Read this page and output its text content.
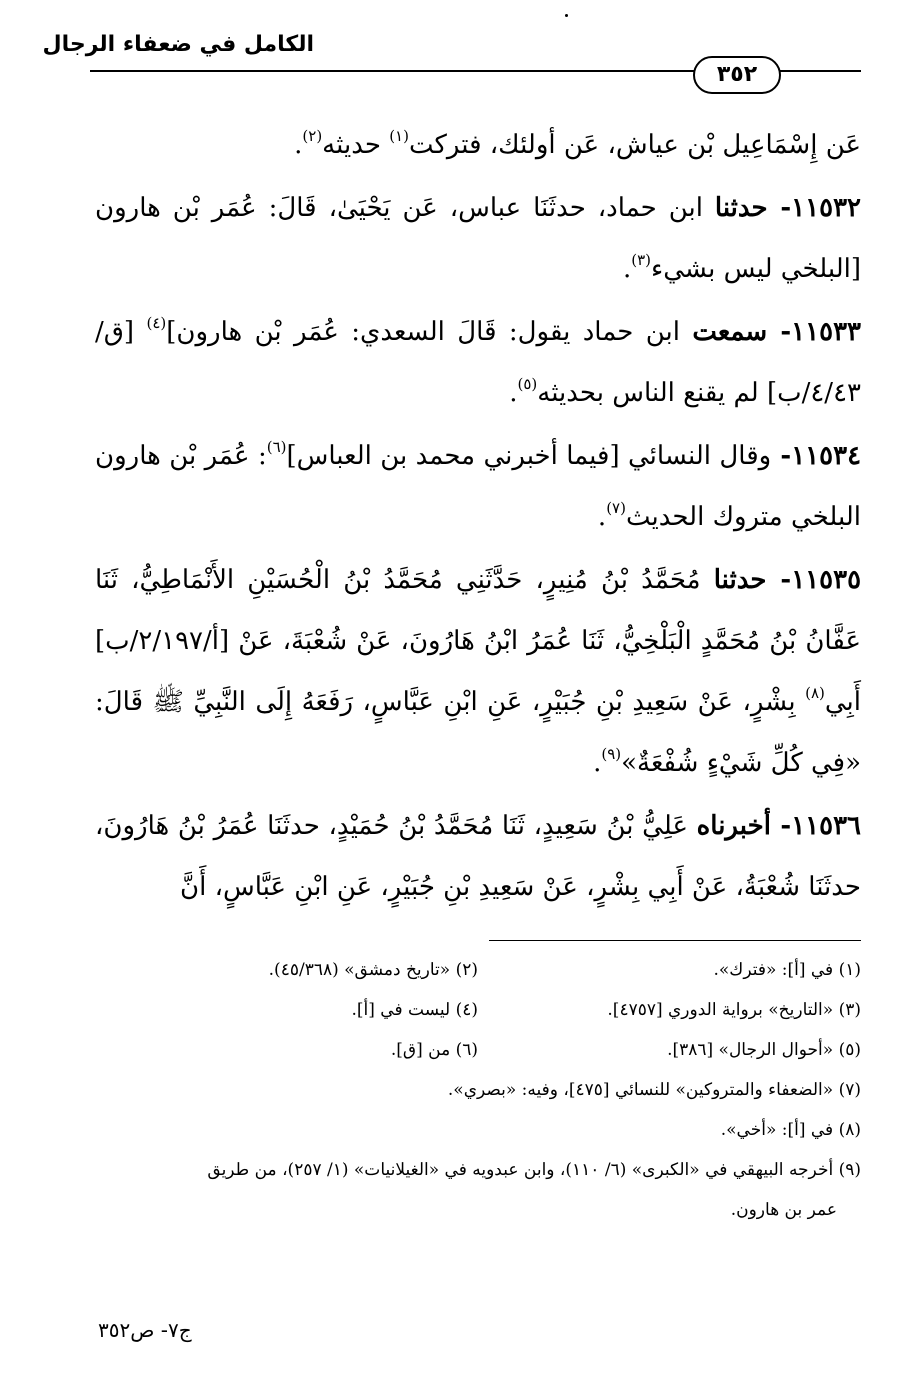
الكامل في ضعفاء الرجال
٣٥٢

عَن إِسْمَاعِيل بْن عياش، عَن أولئك، فتركت$^{(١)}$ حديثه$^{(٢)}$.

١١٥٣٢- حدثنا ابن حماد، حدثَنَا عباس، عَن يَحْيَىٰ، قَالَ: عُمَر بْن هارون [البلخي ليس بشيء$^{(٣)}$.

١١٥٣٣- سمعت ابن حماد يقول: قَالَ السعدي: عُمَر بْن هارون]$^{(٤)}$ [ق/٤/٤٣/ب] لم يقنع الناس بحديثه$^{(٥)}$.

١١٥٣٤- وقال النسائي [فيما أخبرني محمد بن العباس]$^{(٦)}$: عُمَر بْن هارون البلخي متروك الحديث$^{(٧)}$.

١١٥٣٥- حدثنا مُحَمَّدُ بْنُ مُنِيرٍ، حَدَّثَنِي مُحَمَّدُ بْنُ الْحُسَيْنِ الأَنْمَاطِيُّ، ثَنَا عَفَّانُ بْنُ مُحَمَّدٍ الْبَلْخِيُّ، ثَنَا عُمَرُ ابْنُ هَارُونَ، عَنْ شُعْبَةَ، عَنْ [أ/٢/١٩٧/ب] أَبِي$^{(٨)}$ بِشْرٍ، عَنْ سَعِيدِ بْنِ جُبَيْرٍ، عَنِ ابْنِ عَبَّاسٍ، رَفَعَهُ إِلَى النَّبِيِّ ﷺ قَالَ: «فِي كُلِّ شَيْءٍ شُفْعَةٌ»$^{(٩)}$.

١١٥٣٦- أخبرناه عَلِيُّ بْنُ سَعِيدٍ، ثَنَا مُحَمَّدُ بْنُ حُمَيْدٍ، حدثَنَا عُمَرُ بْنُ هَارُونَ، حدثَنَا شُعْبَةُ، عَنْ أَبِي بِشْرٍ، عَنْ سَعِيدِ بْنِ جُبَيْرٍ، عَنِ ابْنِ عَبَّاسٍ، أَنَّ

(١) في [أ]: «فترك».
(٢) «تاريخ دمشق» (٤٥/٣٦٨).
(٣) «التاريخ» برواية الدوري [٤٧٥٧].
(٤) ليست في [أ].
(٥) «أحوال الرجال» [٣٨٦].
(٦) من [ق].
(٧) «الضعفاء والمتروكين» للنسائي [٤٧٥]، وفيه: «بصري».
(٨) في [أ]: «أخي».
(٩) أخرجه البيهقي في «الكبرى» (٦/ ١١٠)، وابن عبدويه في «الغيلانيات» (١/ ٢٥٧)، من طريق
عمر بن هارون.
ج٧- ص٣٥٢
